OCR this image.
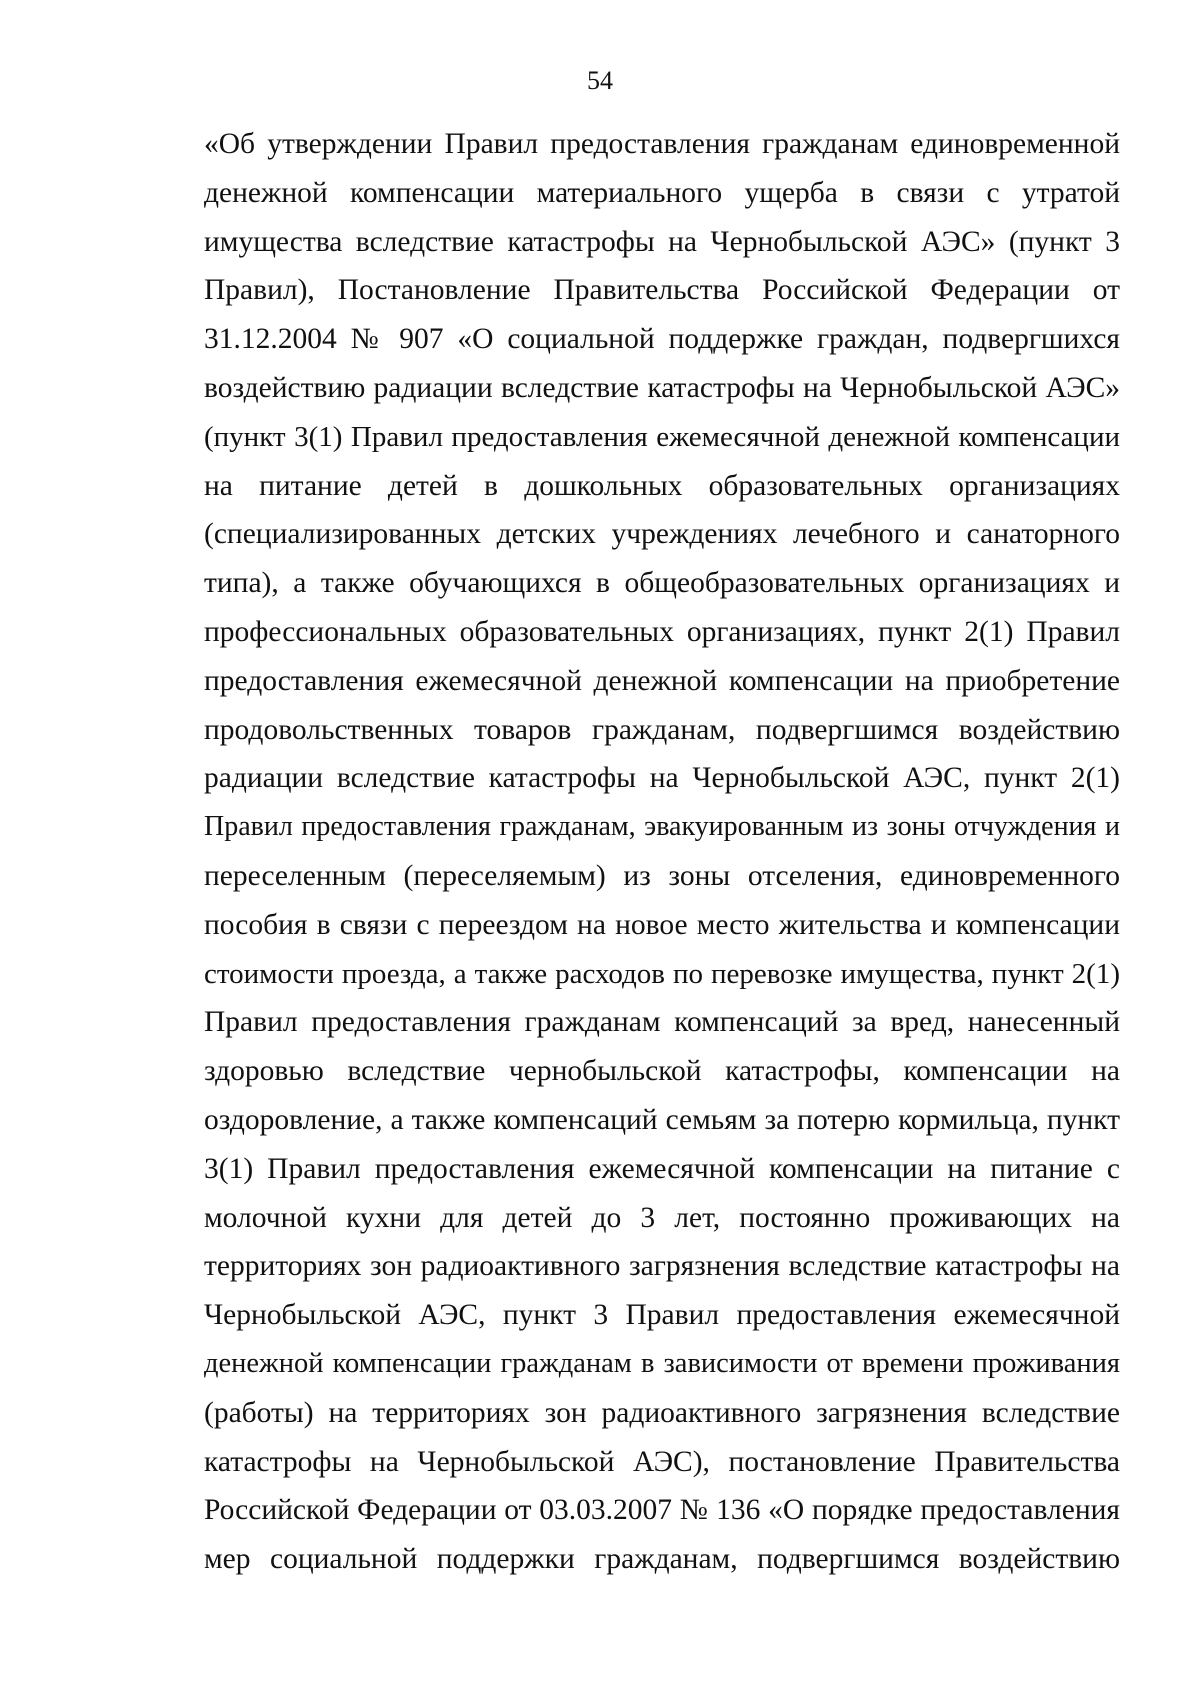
54
«Об утверждении Правил предоставления гражданам единовременной
денежной компенсации материального ущерба в связи с утратой
имущества вследствие катастрофы на Чернобыльской АЭС» (пункт 3
Правил), Постановление Правительства Российской Федерации от
31.12.2004 № 907 «О социальной поддержке граждан, подвергшихся
воздействию радиации вследствие катастрофы на Чернобыльской АЭС»
(пункт 3(1) Правил предоставления ежемесячной денежной компенсации
на питание детей в дошкольных образовательных организациях
(специализированных детских учреждениях лечебного и санаторного
типа), а также обучающихся в общеобразовательных организациях и
профессиональных образовательных организациях, пункт 2(1) Правил
предоставления ежемесячной денежной компенсации на приобретение
продовольственных товаров гражданам, подвергшимся воздействию
радиации вследствие катастрофы на Чернобыльской АЭС, пункт 2(1)
Правил предоставления гражданам, эвакуированным из зоны отчуждения и
переселенным (переселяемым) из зоны отселения, единовременного
пособия в связи с переездом на новое место жительства и компенсации
стоимости проезда, а также расходов по перевозке имущества, пункт 2(1)
Правил предоставления гражданам компенсаций за вред, нанесенный
здоровью вследствие чернобыльской катастрофы, компенсации на
оздоровление, а также компенсаций семьям за потерю кормильца, пункт
3(1) Правил предоставления ежемесячной компенсации на питание с
молочной кухни для детей до 3 лет, постоянно проживающих на
территориях зон радиоактивного загрязнения вследствие катастрофы на
Чернобыльской АЭС, пункт 3 Правил предоставления ежемесячной
денежной компенсации гражданам в зависимости от времени проживания
(работы) на территориях зон радиоактивного загрязнения вследствие
катастрофы на Чернобыльской АЭС), постановление Правительства
Российской Федерации от 03.03.2007 № 136 «О порядке предоставления
мер социальной поддержки гражданам, подвергшимся воздействию
